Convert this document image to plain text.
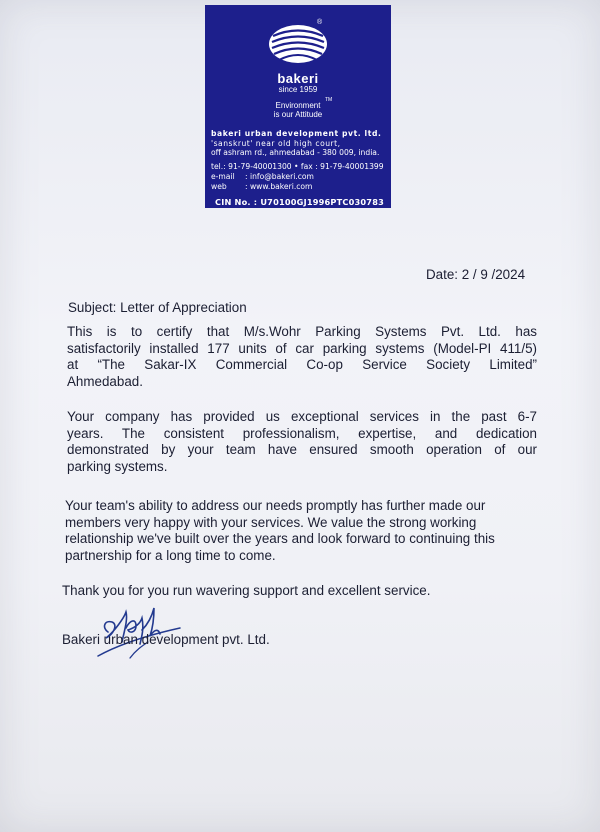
®
bakeri
since 1959
Environment
TM
is our Attitude
bakeri urban development pvt. ltd.
'sanskrut' near old high court,
off ashram rd., ahmedabad - 380 009, india.
tel.: 91-79-40001300 • fax : 91-79-40001399
e-mail : info@bakeri.com
web : www.bakeri.com
CIN No. : U70100GJ1996PTC030783
Date: 2 / 9 /2024
Subject: Letter of Appreciation
This is to certify that M/s.Wohr Parking Systems Pvt. Ltd. has
satisfactorily installed 177 units of car parking systems (Model-PI 411/5)
at “The Sakar-IX Commercial Co-op Service Society Limited”
Ahmedabad.
Your company has provided us exceptional services in the past 6-7
years. The consistent professionalism, expertise, and dedication
demonstrated by your team have ensured smooth operation of our
parking systems.
Your team's ability to address our needs promptly has further made our
members very happy with your services. We value the strong working
relationship we've built over the years and look forward to continuing this
partnership for a long time to come.
Thank you for you run wavering support and excellent service.
Bakeri urban development pvt. Ltd.
